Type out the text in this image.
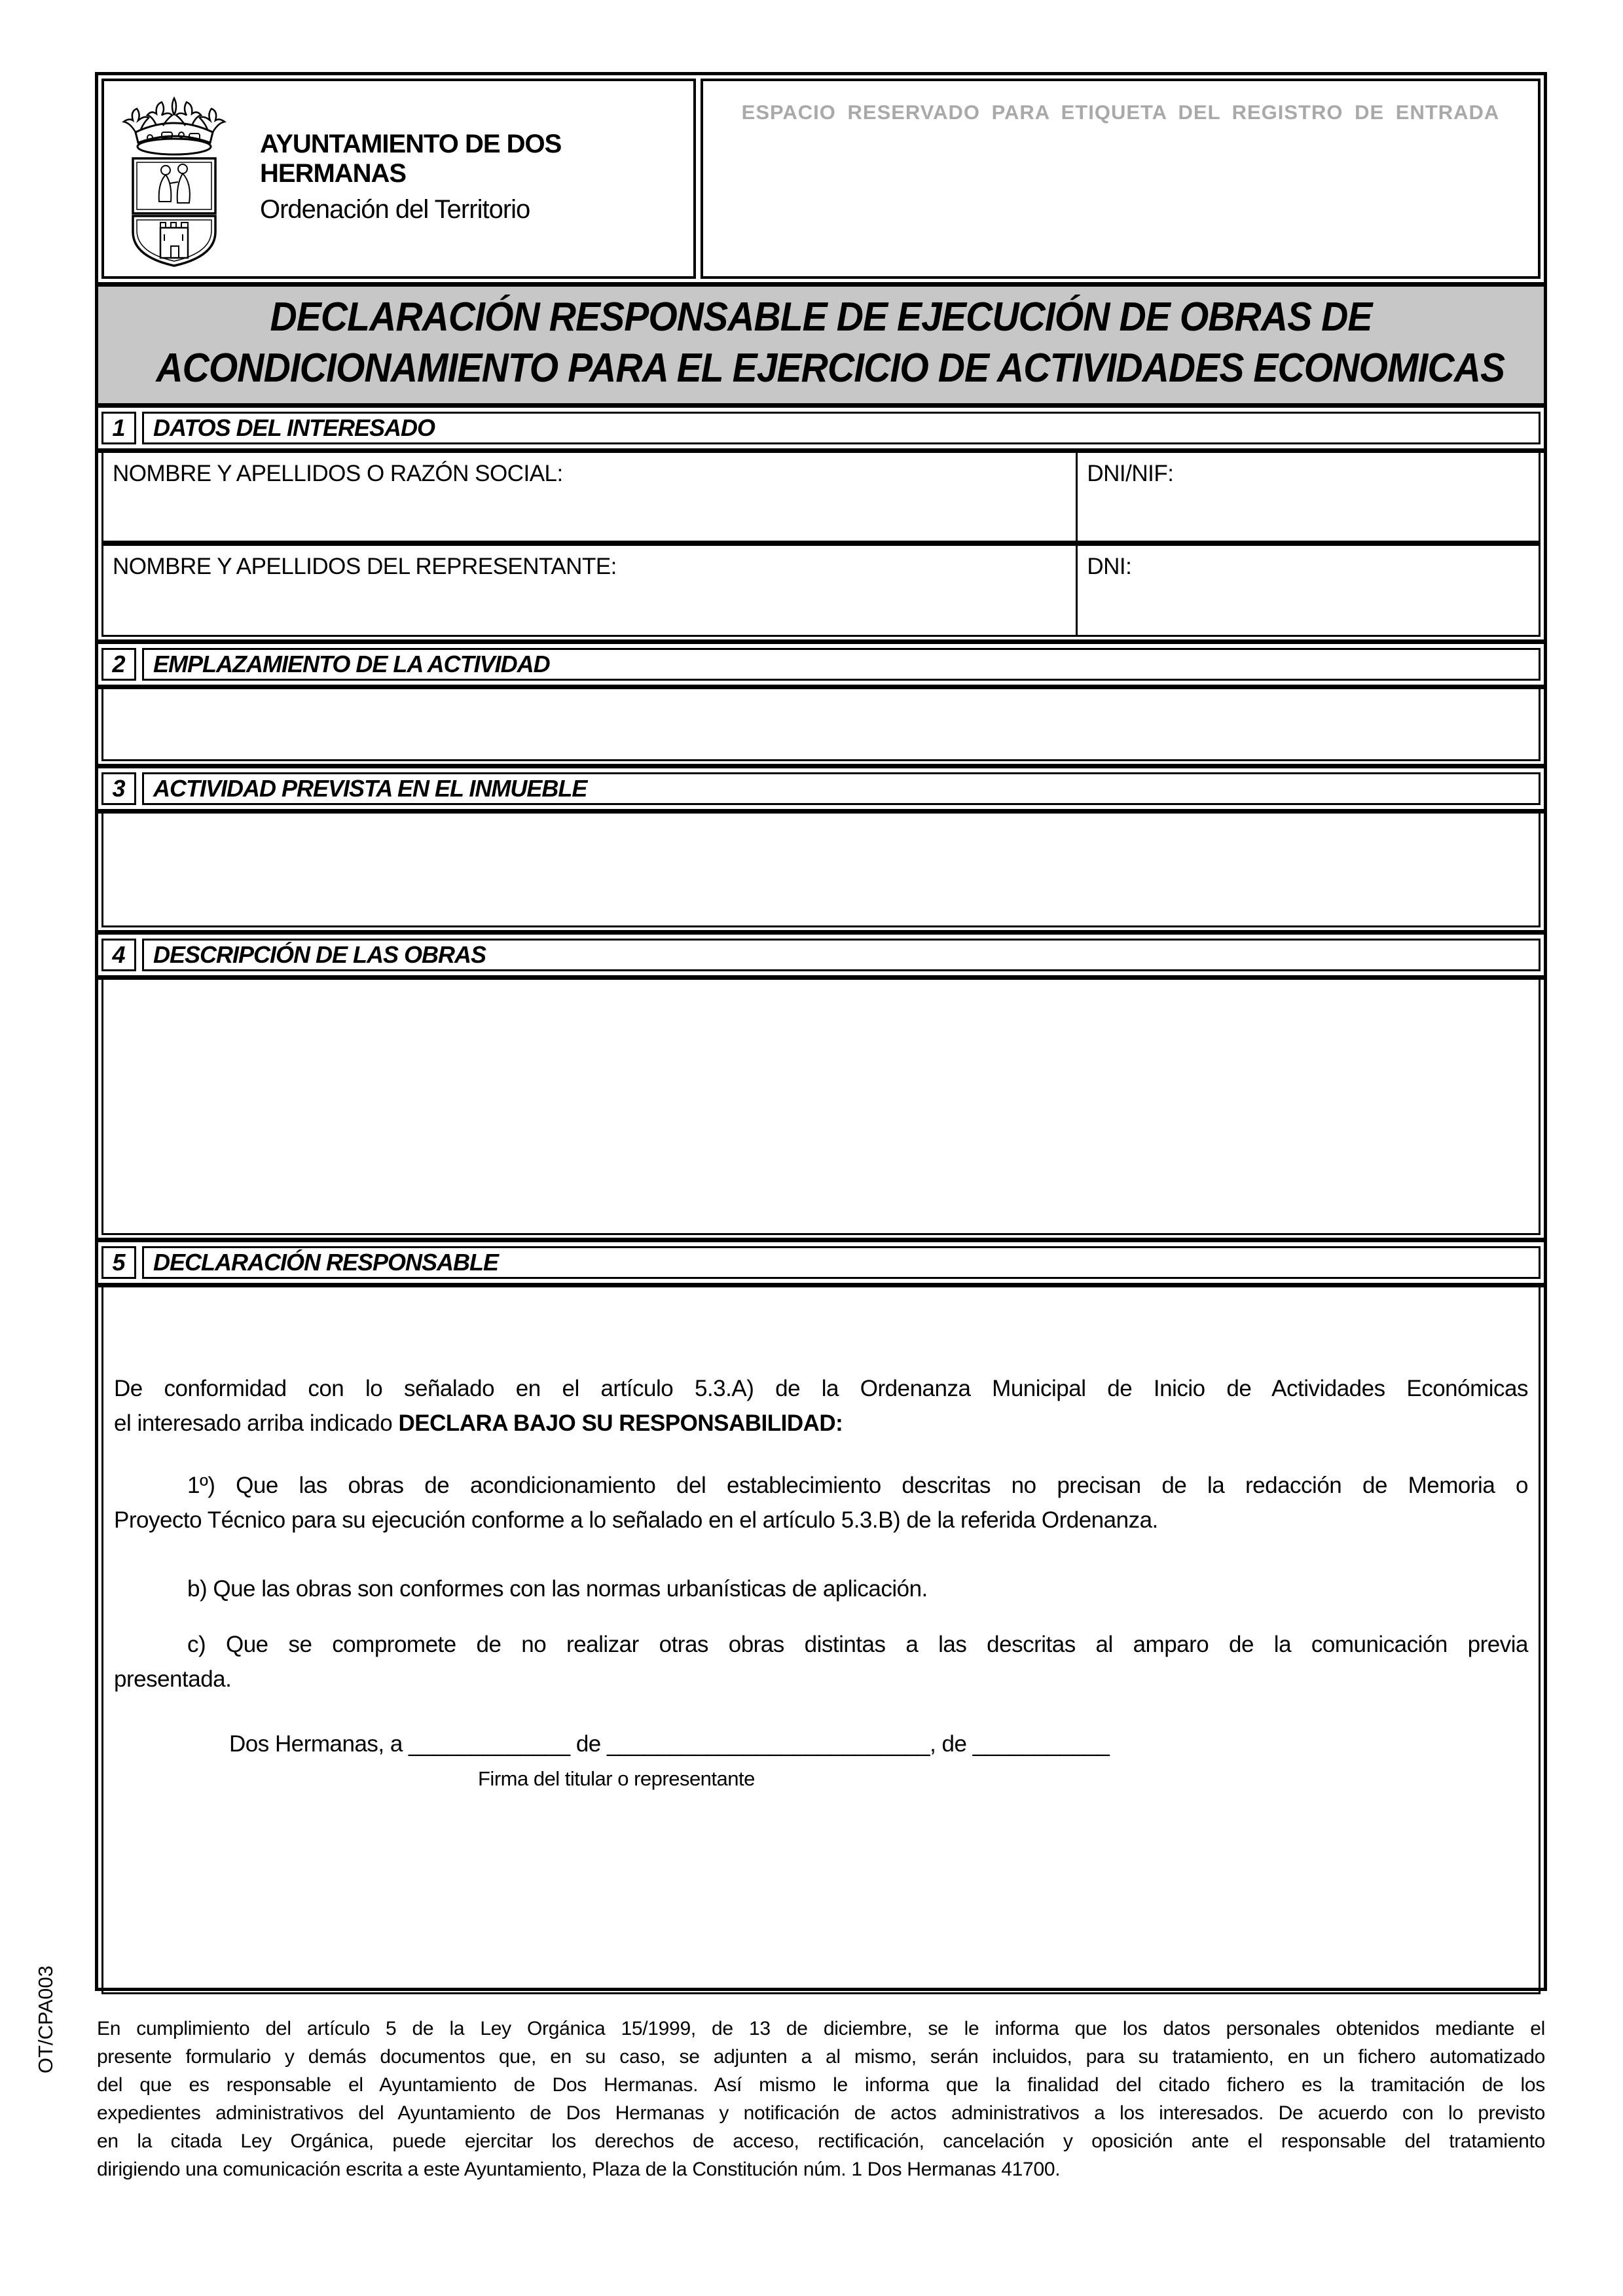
AYUNTAMIENTO DE DOS HERMANAS
Ordenación del Territorio
ESPACIO RESERVADO PARA ETIQUETA DEL REGISTRO DE ENTRADA
DECLARACIÓN RESPONSABLE DE EJECUCIÓN DE OBRAS DE
ACONDICIONAMIENTO PARA EL EJERCICIO DE ACTIVIDADES ECONOMICAS
1	DATOS DEL INTERESADO
NOMBRE Y APELLIDOS O RAZÓN SOCIAL:	DNI/NIF:
NOMBRE Y APELLIDOS DEL REPRESENTANTE:	DNI:
2	EMPLAZAMIENTO DE LA ACTIVIDAD
3	ACTIVIDAD PREVISTA EN EL INMUEBLE
4	DESCRIPCIÓN DE LAS OBRAS
5	DECLARACIÓN RESPONSABLE
De conformidad con lo señalado en el artículo 5.3.A) de la Ordenanza Municipal de Inicio de Actividades Económicas
el interesado arriba indicado DECLARA BAJO SU RESPONSABILIDAD:
1º) Que las obras de acondicionamiento del establecimiento descritas no precisan de la redacción de Memoria o
Proyecto Técnico para su ejecución conforme a lo señalado en el artículo 5.3.B) de la referida Ordenanza.
b) Que las obras son conformes con las normas urbanísticas de aplicación.
c) Que se compromete de no realizar otras obras distintas a las descritas al amparo de la comunicación previa
presentada.
Dos Hermanas, a _____________ de __________________________, de ___________
Firma del titular o representante
En cumplimiento del artículo 5 de la Ley Orgánica 15/1999, de 13 de diciembre, se le informa que los datos personales obtenidos mediante el
presente formulario y demás documentos que, en su caso, se adjunten a al mismo, serán incluidos, para su tratamiento, en un fichero automatizado
del que es responsable el Ayuntamiento de Dos Hermanas. Así mismo le informa que la finalidad del citado fichero es la tramitación de los
expedientes administrativos del Ayuntamiento de Dos Hermanas y notificación de actos administrativos a los interesados. De acuerdo con lo previsto
en la citada Ley Orgánica, puede ejercitar los derechos de acceso, rectificación, cancelación y oposición ante el responsable del tratamiento
dirigiendo una comunicación escrita a este Ayuntamiento, Plaza de la Constitución núm. 1 Dos Hermanas 41700.
OT/CPA003
